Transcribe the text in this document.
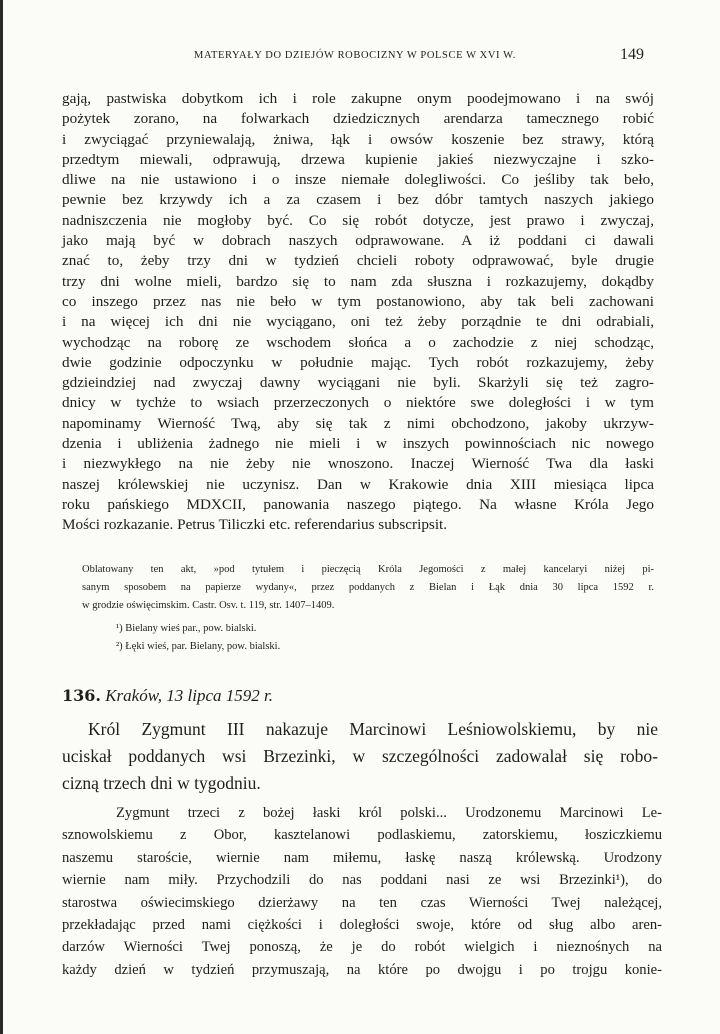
MATERYAŁY DO DZIEJÓW ROBOCIZNY W POLSCE W XVI W.	149
gają, pastwiska dobytkom ich i role zakupne onym poodejmowano i na swój
pożytek zorano, na folwarkach dziedzicznych arendarza tamecznego robić
i zwyciągać przyniewalają, żniwa, łąk i owsów koszenie bez strawy, którą
przedtym miewali, odprawują, drzewa kupienie jakieś niezwyczajne i szko-
dliwe na nie ustawiono i o insze niemałe dolegliwości. Co jeśliby tak beło,
pewnie bez krzywdy ich a za czasem i bez dóbr tamtych naszych jakiego
nadniszczenia nie mogłoby być. Co się robót dotycze, jest prawo i zwyczaj,
jako mają być w dobrach naszych odprawowane. A iż poddani ci dawali
znać to, żeby trzy dni w tydzień chcieli roboty odprawować, byle drugie
trzy dni wolne mieli, bardzo się to nam zda słuszna i rozkazujemy, dokądby
co inszego przez nas nie beło w tym postanowiono, aby tak beli zachowani
i na więcej ich dni nie wyciągano, oni też żeby porządnie te dni odrabiali,
wychodząc na roborę ze wschodem słońca a o zachodzie z niej schodząc,
dwie godzinie odpoczynku w południe mając. Tych robót rozkazujemy, żeby
gdzieindziej nad zwyczaj dawny wyciągani nie byli. Skarżyli się też zagro-
dnicy w tychże to wsiach przerzeczonych o niektóre swe doległości i w tym
napominamy Wierność Twą, aby się tak z nimi obchodzono, jakoby ukrzyw-
dzenia i ubliżenia żadnego nie mieli i w inszych powinnościach nic nowego
i niezwykłego na nie żeby nie wnoszono. Inaczej Wierność Twa dla łaski
naszej królewskiej nie uczynisz. Dan w Krakowie dnia XIII miesiąca lipca
roku pańskiego MDXCII, panowania naszego piątego. Na własne Króla Jego
Mości rozkazanie. Petrus Tiliczki etc. referendarius subscripsit.
Oblatowany ten akt, »pod tytułem i pieczęcią Króla Jegomości z małej kancelaryi niżej pi-
sanym sposobem na papierze wydany«, przez poddanych z Bielan i Łąk dnia 30 lipca 1592 r.
w grodzie oświęcimskim. Castr. Osv. t. 119, str. 1407–1409.
¹) Bielany wieś par., pow. bialski.
²) Łęki wieś, par. Bielany, pow. bialski.
136. Kraków, 13 lipca 1592 r.
Król Zygmunt III nakazuje Marcinowi Leśniowolskiemu, by nie
uciskał poddanych wsi Brzezinki, w szczególności zadowalał się robo-
cizną trzech dni w tygodniu.
Zygmunt trzeci z bożej łaski król polski... Urodzonemu Marcinowi Le-
sznowolskiemu z Obor, kasztelanowi podlaskiemu, zatorskiemu, łosziczkiemu
naszemu staroście, wiernie nam miłemu, łaskę naszą królewską. Urodzony
wiernie nam miły. Przychodzili do nas poddani nasi ze wsi Brzezinki¹), do
starostwa oświecimskiego dzierżawy na ten czas Wierności Twej należącej,
przekładając przed nami ciężkości i doległości swoje, które od sług albo aren-
darzów Wierności Twej ponoszą, że je do robót wielgich i nieznośnych na
każdy dzień w tydzień przymuszają, na które po dwojgu i po trojgu konie-
